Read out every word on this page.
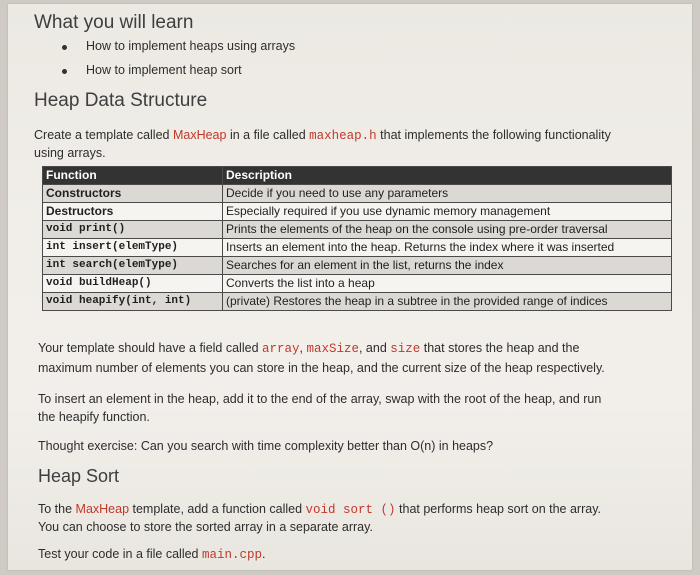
What you will learn
How to implement heaps using arrays
How to implement heap sort
Heap Data Structure
Create a template called MaxHeap in a file called maxheap.h that implements the following functionality
using arrays.
Function	Description
Constructors	Decide if you need to use any parameters
Destructors	Especially required if you use dynamic memory management
void print()	Prints the elements of the heap on the console using pre-order traversal
int insert(elemType)	Inserts an element into the heap. Returns the index where it was inserted
int search(elemType)	Searches for an element in the list, returns the index
void buildHeap()	Converts the list into a heap
void heapify(int, int)	(private) Restores the heap in a subtree in the provided range of indices
Your template should have a field called array, maxSize, and size that stores the heap and the
maximum number of elements you can store in the heap, and the current size of the heap respectively.
To insert an element in the heap, add it to the end of the array, swap with the root of the heap, and run
the heapify function.
Thought exercise: Can you search with time complexity better than O(n) in heaps?
Heap Sort
To the MaxHeap template, add a function called void sort () that performs heap sort on the array.
You can choose to store the sorted array in a separate array.
Test your code in a file called main.cpp.
